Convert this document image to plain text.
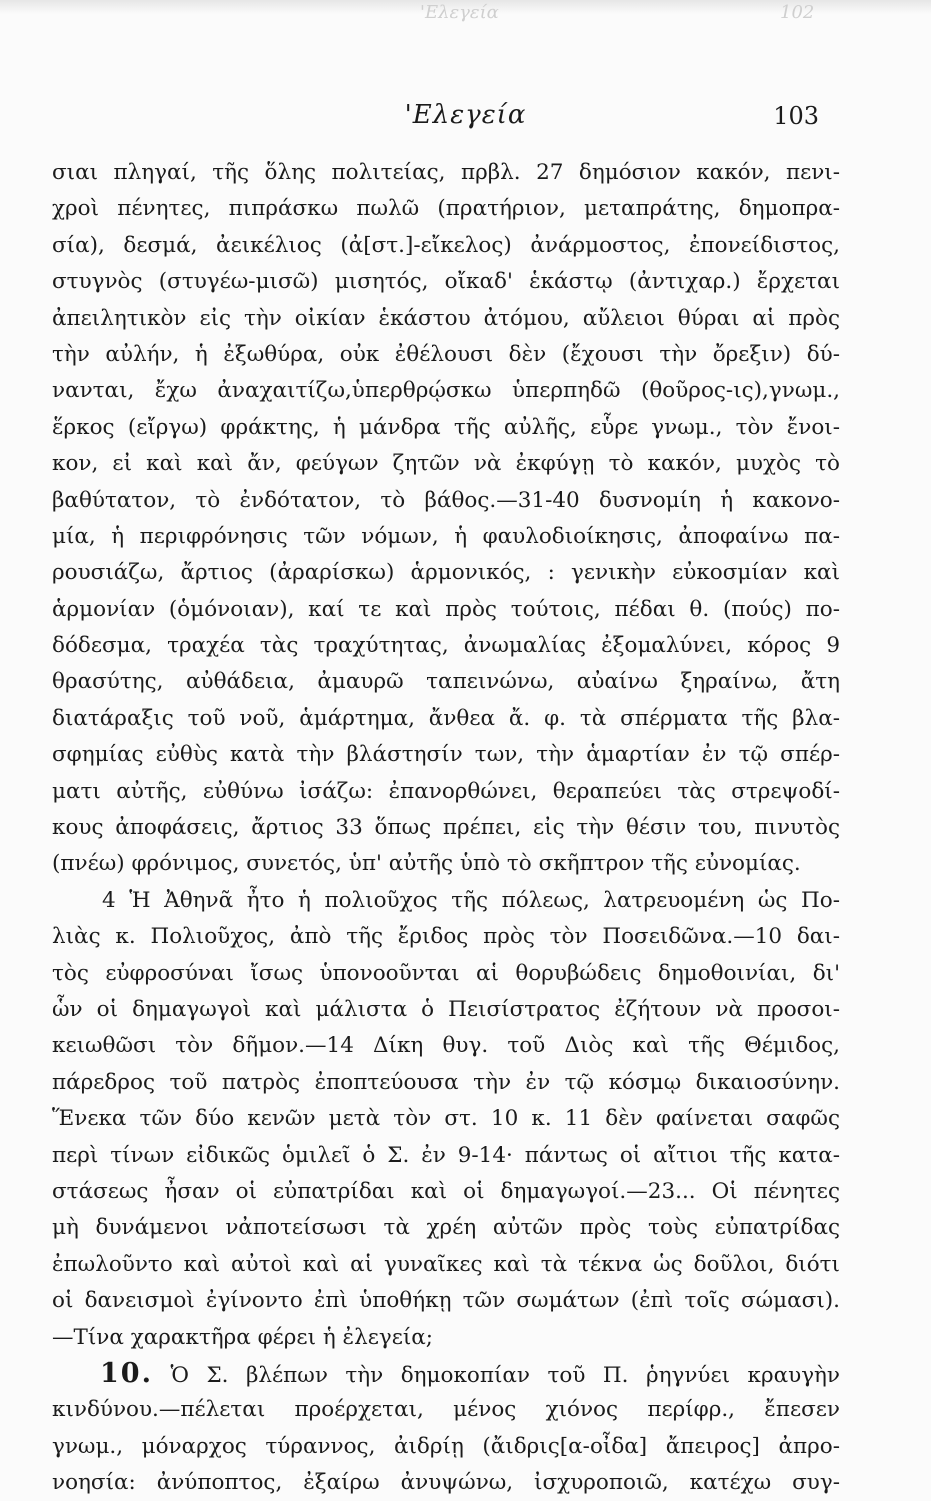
'Ελεγεία	102
'Ελεγεία	103
σιαι πληγαί, τῆς ὅλης πολιτείας, πρβλ. 27 δημόσιον κακόν, πενι-
χροὶ πένητες, πιπράσκω πωλῶ (πρατήριον, μεταπράτης, δημοπρα-
σία), δεσμά, ἀεικέλιος (ἀ[στ.]-εἴκελος) ἀνάρμοστος, ἐπονείδιστος,
στυγνὸς (στυγέω-μισῶ) μισητός, οἴκαδ' ἑκάστῳ (ἀντιχαρ.) ἔρχεται
ἀπειλητικὸν εἰς τὴν οἰκίαν ἑκάστου ἀτόμου, αὔλειοι θύραι αἱ πρὸς
τὴν αὐλήν, ἡ ἐξωθύρα, οὐκ ἐθέλουσι δὲν (ἔχουσι τὴν ὄρεξιν) δύ-
νανται, ἔχω ἀναχαιτίζω,ὑπερθρῴσκω ὑπερπηδῶ (θοῦρος-ις),γνωμ.,
ἕρκος (εἴργω) φράκτης, ἡ μάνδρα τῆς αὐλῆς, εὗρε γνωμ., τὸν ἔνοι-
κον, εἰ καὶ καὶ ἄν, φεύγων ζητῶν νὰ ἐκφύγῃ τὸ κακόν, μυχὸς τὸ
βαθύτατον, τὸ ἐνδότατον, τὸ βάθος.—31-40 δυσνομίη ἡ κακονο-
μία, ἡ περιφρόνησις τῶν νόμων, ἡ φαυλοδιοίκησις, ἀποφαίνω πα-
ρουσιάζω, ἄρτιος (ἀραρίσκω) ἁρμονικός, : γενικὴν εὐκοσμίαν καὶ
ἁρμονίαν (ὁμόνοιαν), καί τε καὶ πρὸς τούτοις, πέδαι θ. (πούς) πο-
δόδεσμα, τραχέα τὰς τραχύτητας, ἀνωμαλίας ἐξομαλύνει, κόρος 9
θρασύτης, αὐθάδεια, ἀμαυρῶ ταπεινώνω, αὐαίνω ξηραίνω, ἄτη
διατάραξις τοῦ νοῦ, ἁμάρτημα, ἄνθεα ἄ. φ. τὰ σπέρματα τῆς βλα-
σφημίας εὐθὺς κατὰ τὴν βλάστησίν των, τὴν ἁμαρτίαν ἐν τῷ σπέρ-
ματι αὐτῆς, εὐθύνω ἰσάζω: ἐπανορθώνει, θεραπεύει τὰς στρεψοδί-
κους ἀποφάσεις, ἄρτιος 33 ὅπως πρέπει, εἰς τὴν θέσιν του, πινυτὸς
(πνέω) φρόνιμος, συνετός, ὑπ' αὐτῆς ὑπὸ τὸ σκῆπτρον τῆς εὐνομίας.
4 Ἡ Ἀθηνᾶ ἦτο ἡ πολιοῦχος τῆς πόλεως, λατρευομένη ὡς Πο-
λιὰς κ. Πολιοῦχος, ἀπὸ τῆς ἔριδος πρὸς τὸν Ποσειδῶνα.—10 δαι-
τὸς εὐφροσύναι ἴσως ὑπονοοῦνται αἱ θορυβώδεις δημοθοινίαι, δι'
ὧν οἱ δημαγωγοὶ καὶ μάλιστα ὁ Πεισίστρατος ἐζήτουν νὰ προσοι-
κειωθῶσι τὸν δῆμον.—14 Δίκη θυγ. τοῦ Διὸς καὶ τῆς Θέμιδος,
πάρεδρος τοῦ πατρὸς ἐποπτεύουσα τὴν ἐν τῷ κόσμῳ δικαιοσύνην.
Ἕνεκα τῶν δύο κενῶν μετὰ τὸν στ. 10 κ. 11 δὲν φαίνεται σαφῶς
περὶ τίνων εἰδικῶς ὁμιλεῖ ὁ Σ. ἐν 9-14· πάντως οἱ αἴτιοι τῆς κατα-
στάσεως ἦσαν οἱ εὐπατρίδαι καὶ οἱ δημαγωγοί.—23... Οἱ πένητες
μὴ δυνάμενοι νἀποτείσωσι τὰ χρέη αὐτῶν πρὸς τοὺς εὐπατρίδας
ἐπωλοῦντο καὶ αὐτοὶ καὶ αἱ γυναῖκες καὶ τὰ τέκνα ὡς δοῦλοι, διότι
οἱ δανεισμοὶ ἐγίνοντο ἐπὶ ὑποθήκῃ τῶν σωμάτων (ἐπὶ τοῖς σώμασι).
—Τίνα χαρακτῆρα φέρει ἡ ἐλεγεία;
10. Ὁ Σ. βλέπων τὴν δημοκοπίαν τοῦ Π. ῥηγνύει κραυγὴν
κινδύνου.—πέλεται προέρχεται, μένος χιόνος περίφρ., ἔπεσεν
γνωμ., μόναρχος τύραννος, ἀιδρίῃ (ἄιδρις[α-οἶδα] ἄπειρος] ἀπρο-
νοησία: ἀνύποπτος, ἐξαίρω ἀνυψώνω, ἰσχυροποιῶ, κατέχω συγ-
